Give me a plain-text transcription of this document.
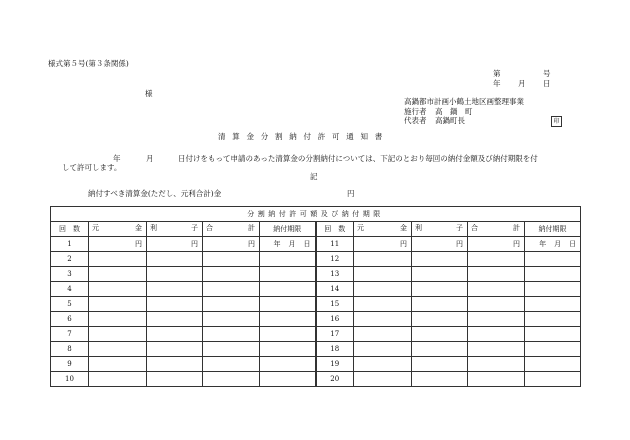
様式第５号(第３条関係)
第	号
年 月 日
様
高鍋都市計画小鶴土地区画整理事業
施行者 高　鍋　町
代表者 高鍋町長	印
清算金分割納付許可通知書
年	月	日付けをもって申請のあった清算金の分割納付については、下記のとおり毎回の納付金額及び納付期限を付
して許可します。
記
納付すべき清算金(ただし、元利合計)金	円
分割納付許可額及び納付期限									
回　数	元 金	利 子	合 計	納付期限	回　数	元 金	利 子	合 計	納付期限
1	円	円	円	年 月 日	11	円	円	円	年 月 日
2					12				
3					13				
4					14				
5					15				
6					16				
7					17				
8					18				
9					19				
10					20				
